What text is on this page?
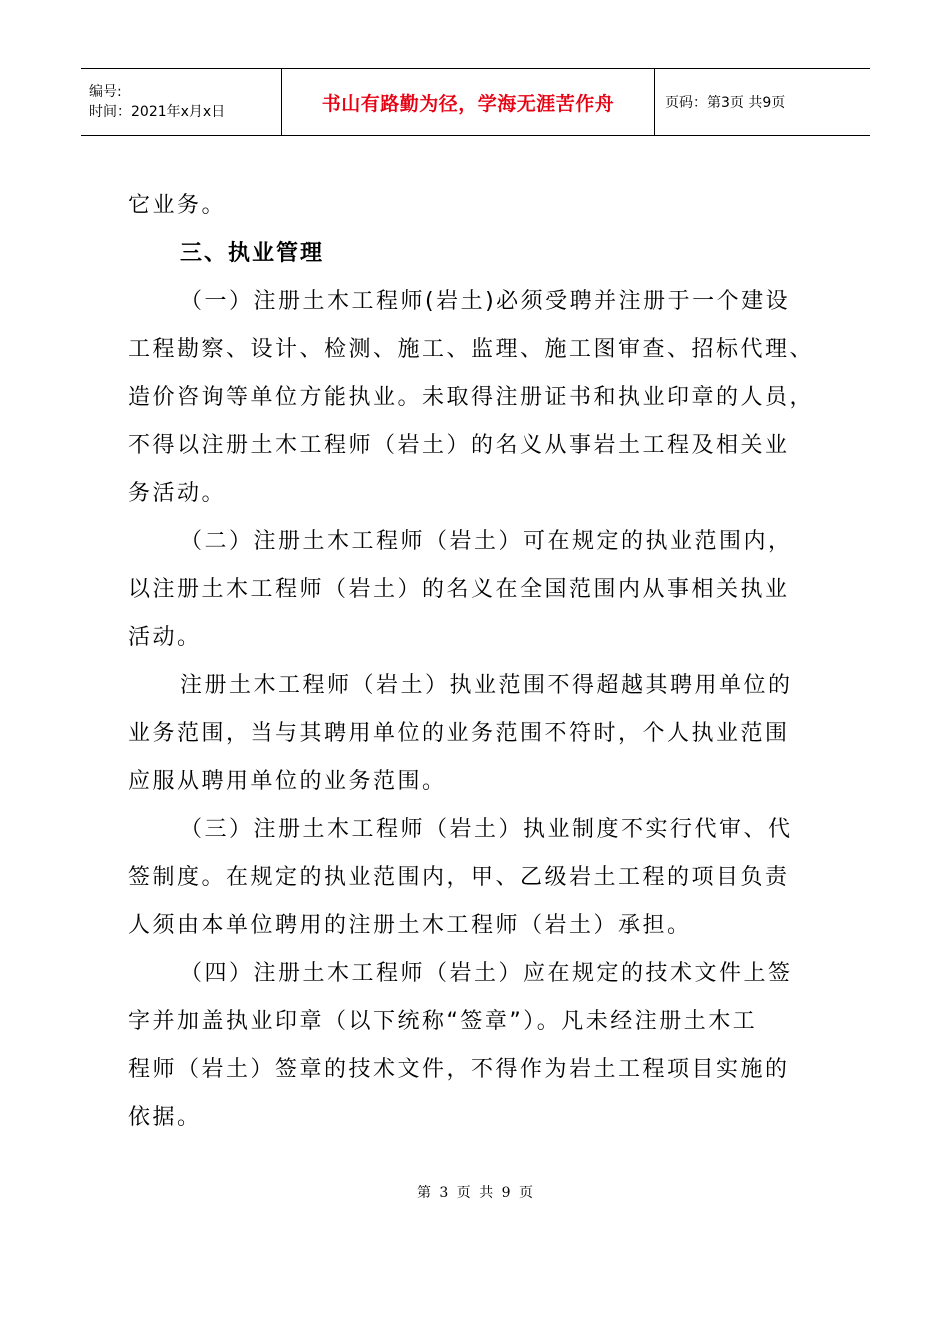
编号:
时间：2021年x月x日	书山有路勤为径，学海无涯苦作舟	页码：第3页 共9页
它业务。
三、执业管理
（一）注册土木工程师(岩土)必须受聘并注册于一个建设
工程勘察、设计、检测、施工、监理、施工图审查、招标代理、
造价咨询等单位方能执业。未取得注册证书和执业印章的人员，
不得以注册土木工程师（岩土）的名义从事岩土工程及相关业
务活动。
（二）注册土木工程师（岩土）可在规定的执业范围内，
以注册土木工程师（岩土）的名义在全国范围内从事相关执业
活动。
注册土木工程师（岩土）执业范围不得超越其聘用单位的
业务范围，当与其聘用单位的业务范围不符时，个人执业范围
应服从聘用单位的业务范围。
（三）注册土木工程师（岩土）执业制度不实行代审、代
签制度。在规定的执业范围内，甲、乙级岩土工程的项目负责
人须由本单位聘用的注册土木工程师（岩土）承担。
（四）注册土木工程师（岩土）应在规定的技术文件上签
字并加盖执业印章（以下统称“签章”）。凡未经注册土木工
程师（岩土）签章的技术文件，不得作为岩土工程项目实施的
依据。
第 3 页 共 9 页
